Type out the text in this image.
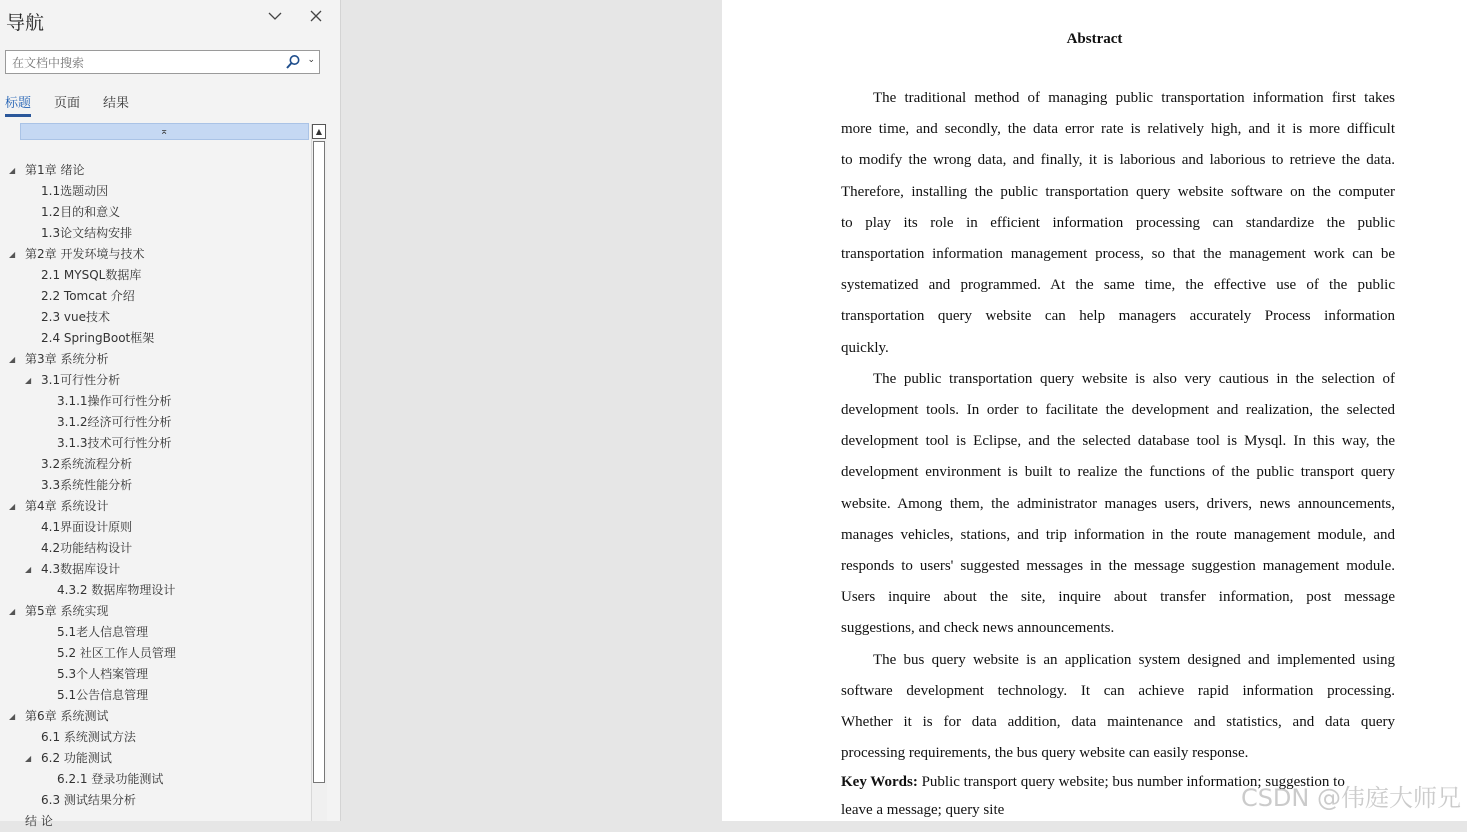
导航
在文档中搜索
⌄
标题 页面 结果
⌅
◢ 第1章 绪论
1.1选题动因
1.2目的和意义
1.3论文结构安排
◢ 第2章 开发环境与技术
2.1 MYSQL数据库
2.2 Tomcat 介绍
2.3 vue技术
2.4 SpringBoot框架
◢ 第3章 系统分析
◢ 3.1可行性分析
3.1.1操作可行性分析
3.1.2经济可行性分析
3.1.3技术可行性分析
3.2系统流程分析
3.3系统性能分析
◢ 第4章 系统设计
4.1界面设计原则
4.2功能结构设计
◢ 4.3数据库设计
4.3.2 数据库物理设计
◢ 第5章 系统实现
5.1老人信息管理
5.2 社区工作人员管理
5.3个人档案管理
5.1公告信息管理
◢ 第6章 系统测试
6.1 系统测试方法
◢ 6.2 功能测试
6.2.1 登录功能测试
6.3 测试结果分析
结 论
▲
Abstract
The traditional method of managing public transportation information first takes
more time, and secondly, the data error rate is relatively high, and it is more difficult
to modify the wrong data, and finally, it is laborious and laborious to retrieve the data.
Therefore, installing the public transportation query website software on the computer
to play its role in efficient information processing can standardize the public
transportation information management process, so that the management work can be
systematized and programmed. At the same time, the effective use of the public
transportation query website can help managers accurately Process information
quickly.
The public transportation query website is also very cautious in the selection of
development tools. In order to facilitate the development and realization, the selected
development tool is Eclipse, and the selected database tool is Mysql. In this way, the
development environment is built to realize the functions of the public transport query
website. Among them, the administrator manages users, drivers, news announcements,
manages vehicles, stations, and trip information in the route management module, and
responds to users' suggested messages in the message suggestion management module.
Users inquire about the site, inquire about transfer information, post message
suggestions, and check news announcements.
The bus query website is an application system designed and implemented using
software development technology. It can achieve rapid information processing.
Whether it is for data addition, data maintenance and statistics, and data query
processing requirements, the bus query website can easily response.
Key Words: Public transport query website; bus number information; suggestion to
leave a message; query site	CSDN @伟庭大师兄
